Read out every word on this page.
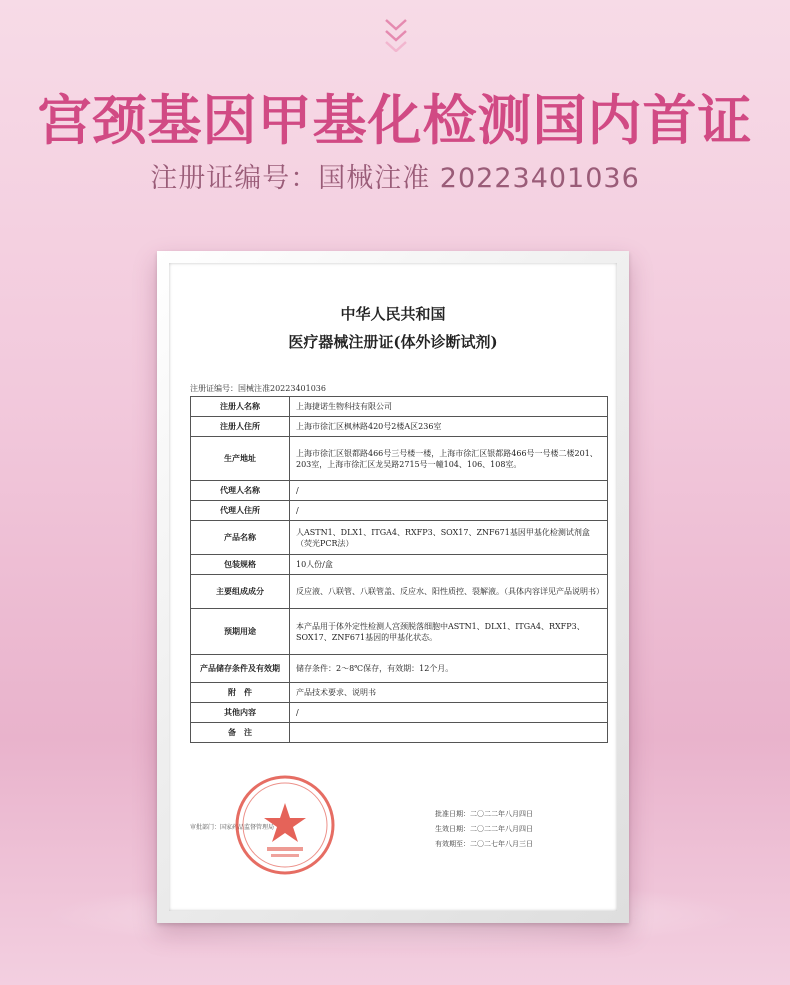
宫颈基因甲基化检测国内首证
注册证编号：国械注准 20223401036
中华人民共和国
医疗器械注册证(体外诊断试剂)
注册证编号：国械注准20223401036
注册人名称	上海捷诺生物科技有限公司
注册人住所	上海市徐汇区枫林路420号2楼A区236室
生产地址	上海市徐汇区银都路466号三号楼一楼，上海市徐汇区银都路466号一号楼二楼201、203室，上海市徐汇区龙吴路2715号一幢104、106、108室。
代理人名称	/
代理人住所	/
产品名称	人ASTN1、DLX1、ITGA4、RXFP3、SOX17、ZNF671基因甲基化检测试剂盒（荧光PCR法）
包装规格	10人份/盒
主要组成成分	反应液、八联管、八联管盖、反应水、阳性质控、裂解液。（具体内容详见产品说明书）
预期用途	本产品用于体外定性检测人宫颈脱落细胞中ASTN1、DLX1、ITGA4、RXFP3、SOX17、ZNF671基因的甲基化状态。
产品储存条件及有效期	储存条件：2～8℃保存，有效期：12个月。
附　件	产品技术要求、说明书
其他内容	/
备　注	
批准日期：二〇二二年八月四日
生效日期：二〇二二年八月四日
有效期至：二〇二七年八月三日
审批部门：国家药品监督管理局
